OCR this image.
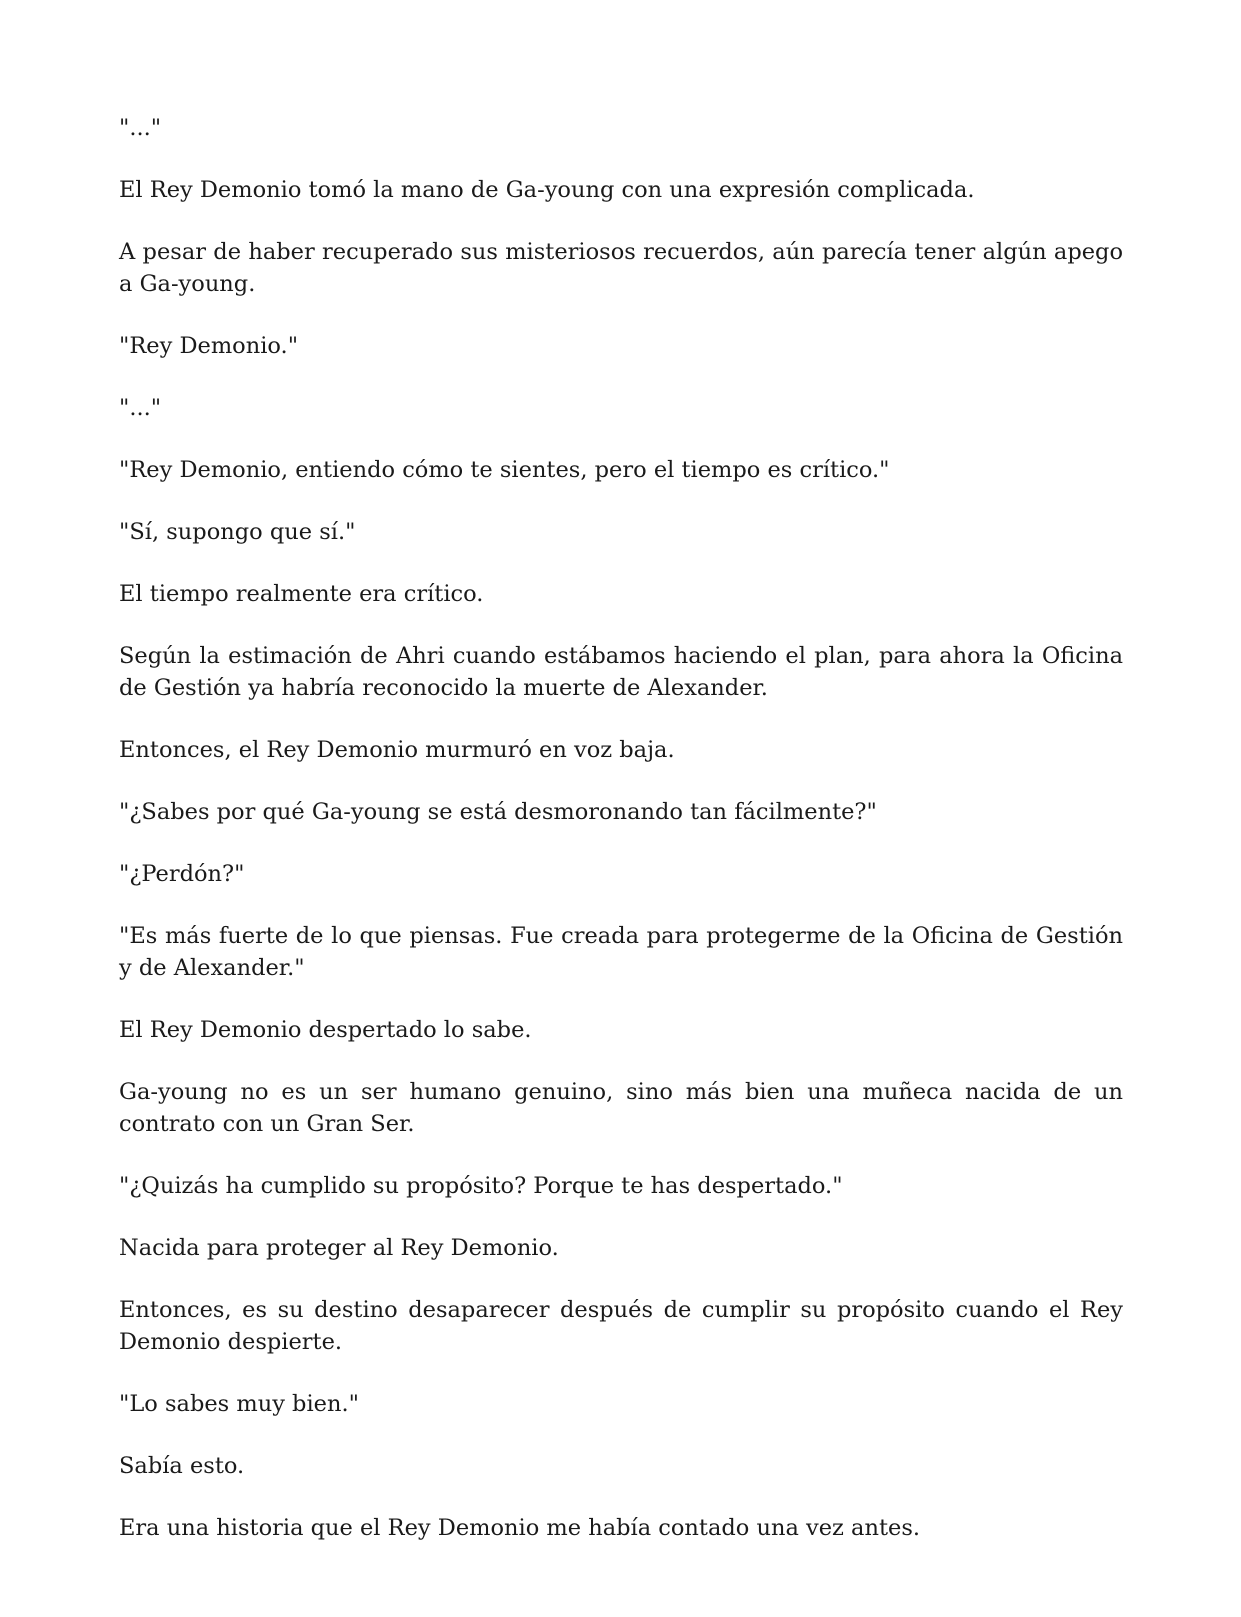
"..."

El Rey Demonio tomó la mano de Ga-young con una expresión complicada.

A pesar de haber recuperado sus misteriosos recuerdos, aún parecía tener algún apego a Ga-young.

"Rey Demonio."

"..."

"Rey Demonio, entiendo cómo te sientes, pero el tiempo es crítico."

"Sí, supongo que sí."

El tiempo realmente era crítico.

Según la estimación de Ahri cuando estábamos haciendo el plan, para ahora la Oficina de Gestión ya habría reconocido la muerte de Alexander.

Entonces, el Rey Demonio murmuró en voz baja.

"¿Sabes por qué Ga-young se está desmoronando tan fácilmente?"

"¿Perdón?"

"Es más fuerte de lo que piensas. Fue creada para protegerme de la Oficina de Gestión y de Alexander."

El Rey Demonio despertado lo sabe.

Ga-young no es un ser humano genuino, sino más bien una muñeca nacida de un contrato con un Gran Ser.

"¿Quizás ha cumplido su propósito? Porque te has despertado."

Nacida para proteger al Rey Demonio.

Entonces, es su destino desaparecer después de cumplir su propósito cuando el Rey Demonio despierte.

"Lo sabes muy bien."

Sabía esto.

Era una historia que el Rey Demonio me había contado una vez antes.
